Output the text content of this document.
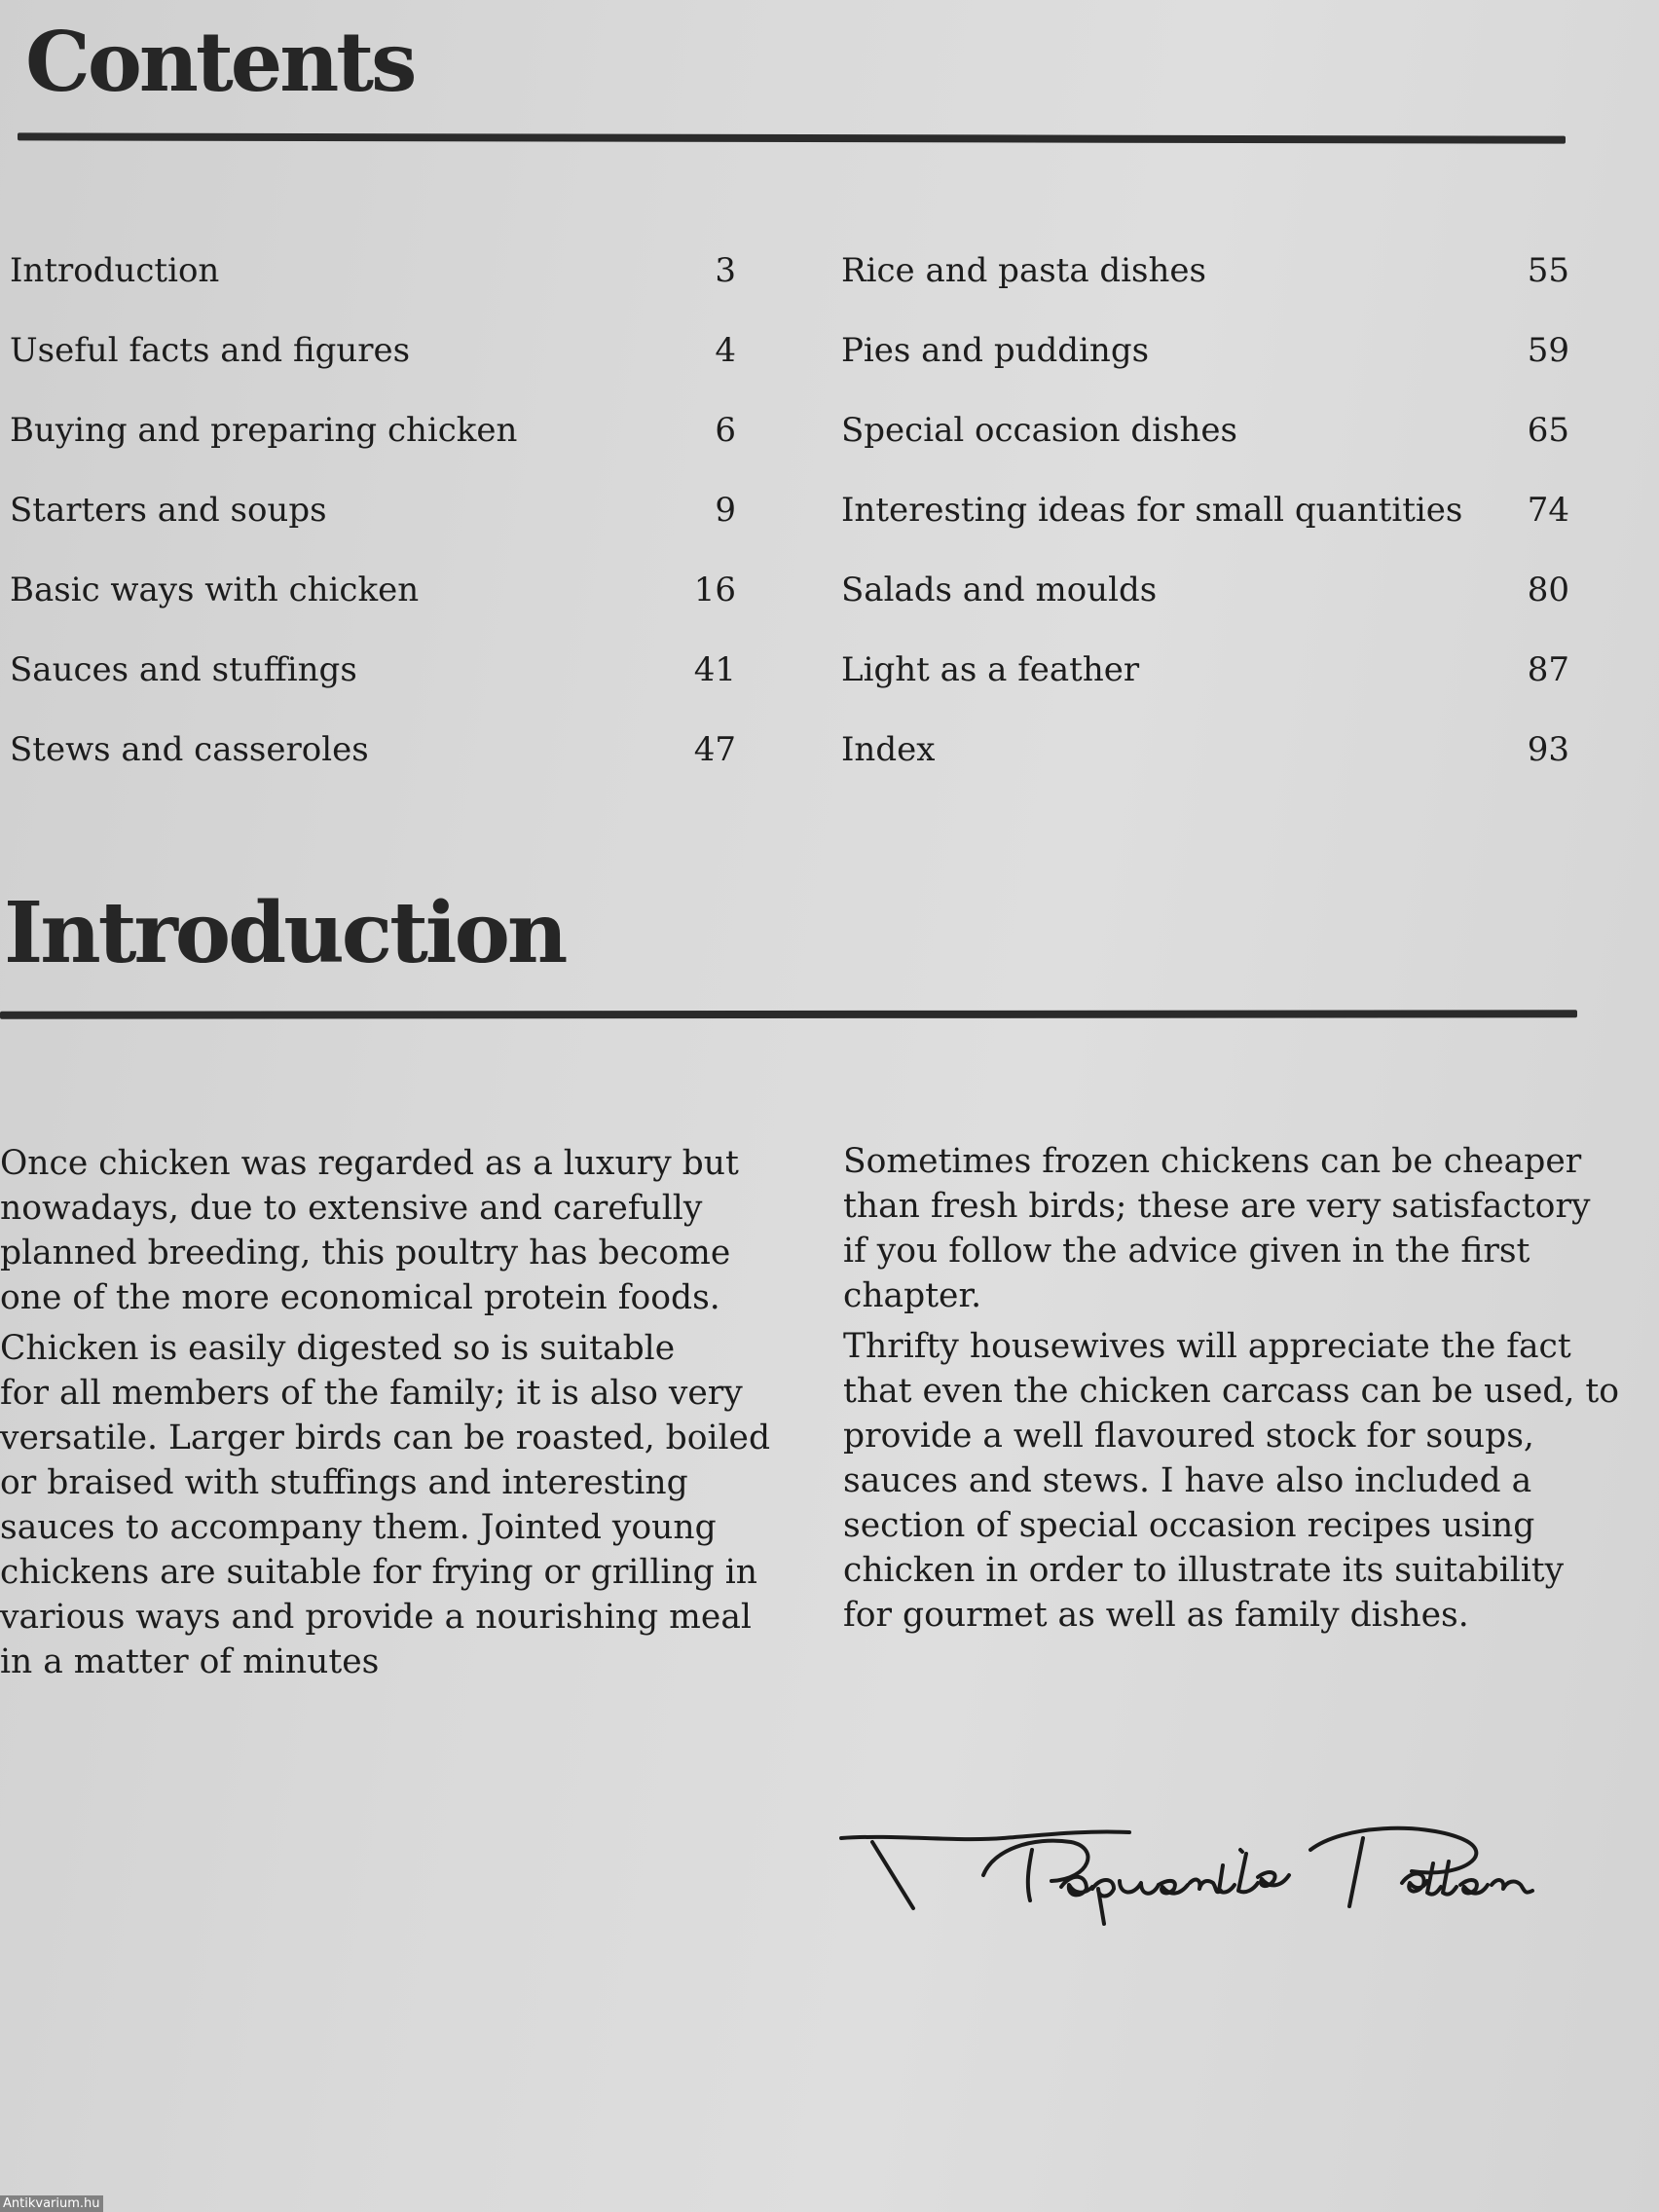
Contents
Introduction	3
Useful facts and figures	4
Buying and preparing chicken	6
Starters and soups	9
Basic ways with chicken	16
Sauces and stuffings	41
Stews and casseroles	47
Rice and pasta dishes	55
Pies and puddings	59
Special occasion dishes	65
Interesting ideas for small quantities 74
Salads and moulds	80
Light as a feather	87
Index	93
Introduction
Once chicken was regarded as a luxury but
nowadays, due to extensive and carefully
planned breeding, this poultry has become
one of the more economical protein foods.
Chicken is easily digested so is suitable
for all members of the family; it is also very
versatile. Larger birds can be roasted, boiled
or braised with stuffings and interesting
sauces to accompany them. Jointed young
chickens are suitable for frying or grilling in
various ways and provide a nourishing meal
in a matter of minutes
Sometimes frozen chickens can be cheaper
than fresh birds; these are very satisfactory
if you follow the advice given in the first
chapter.
Thrifty housewives will appreciate the fact
that even the chicken carcass can be used, to
provide a well flavoured stock for soups,
sauces and stews. I have also included a
section of special occasion recipes using
chicken in order to illustrate its suitability
for gourmet as well as family dishes.
Antikvarium.hu
